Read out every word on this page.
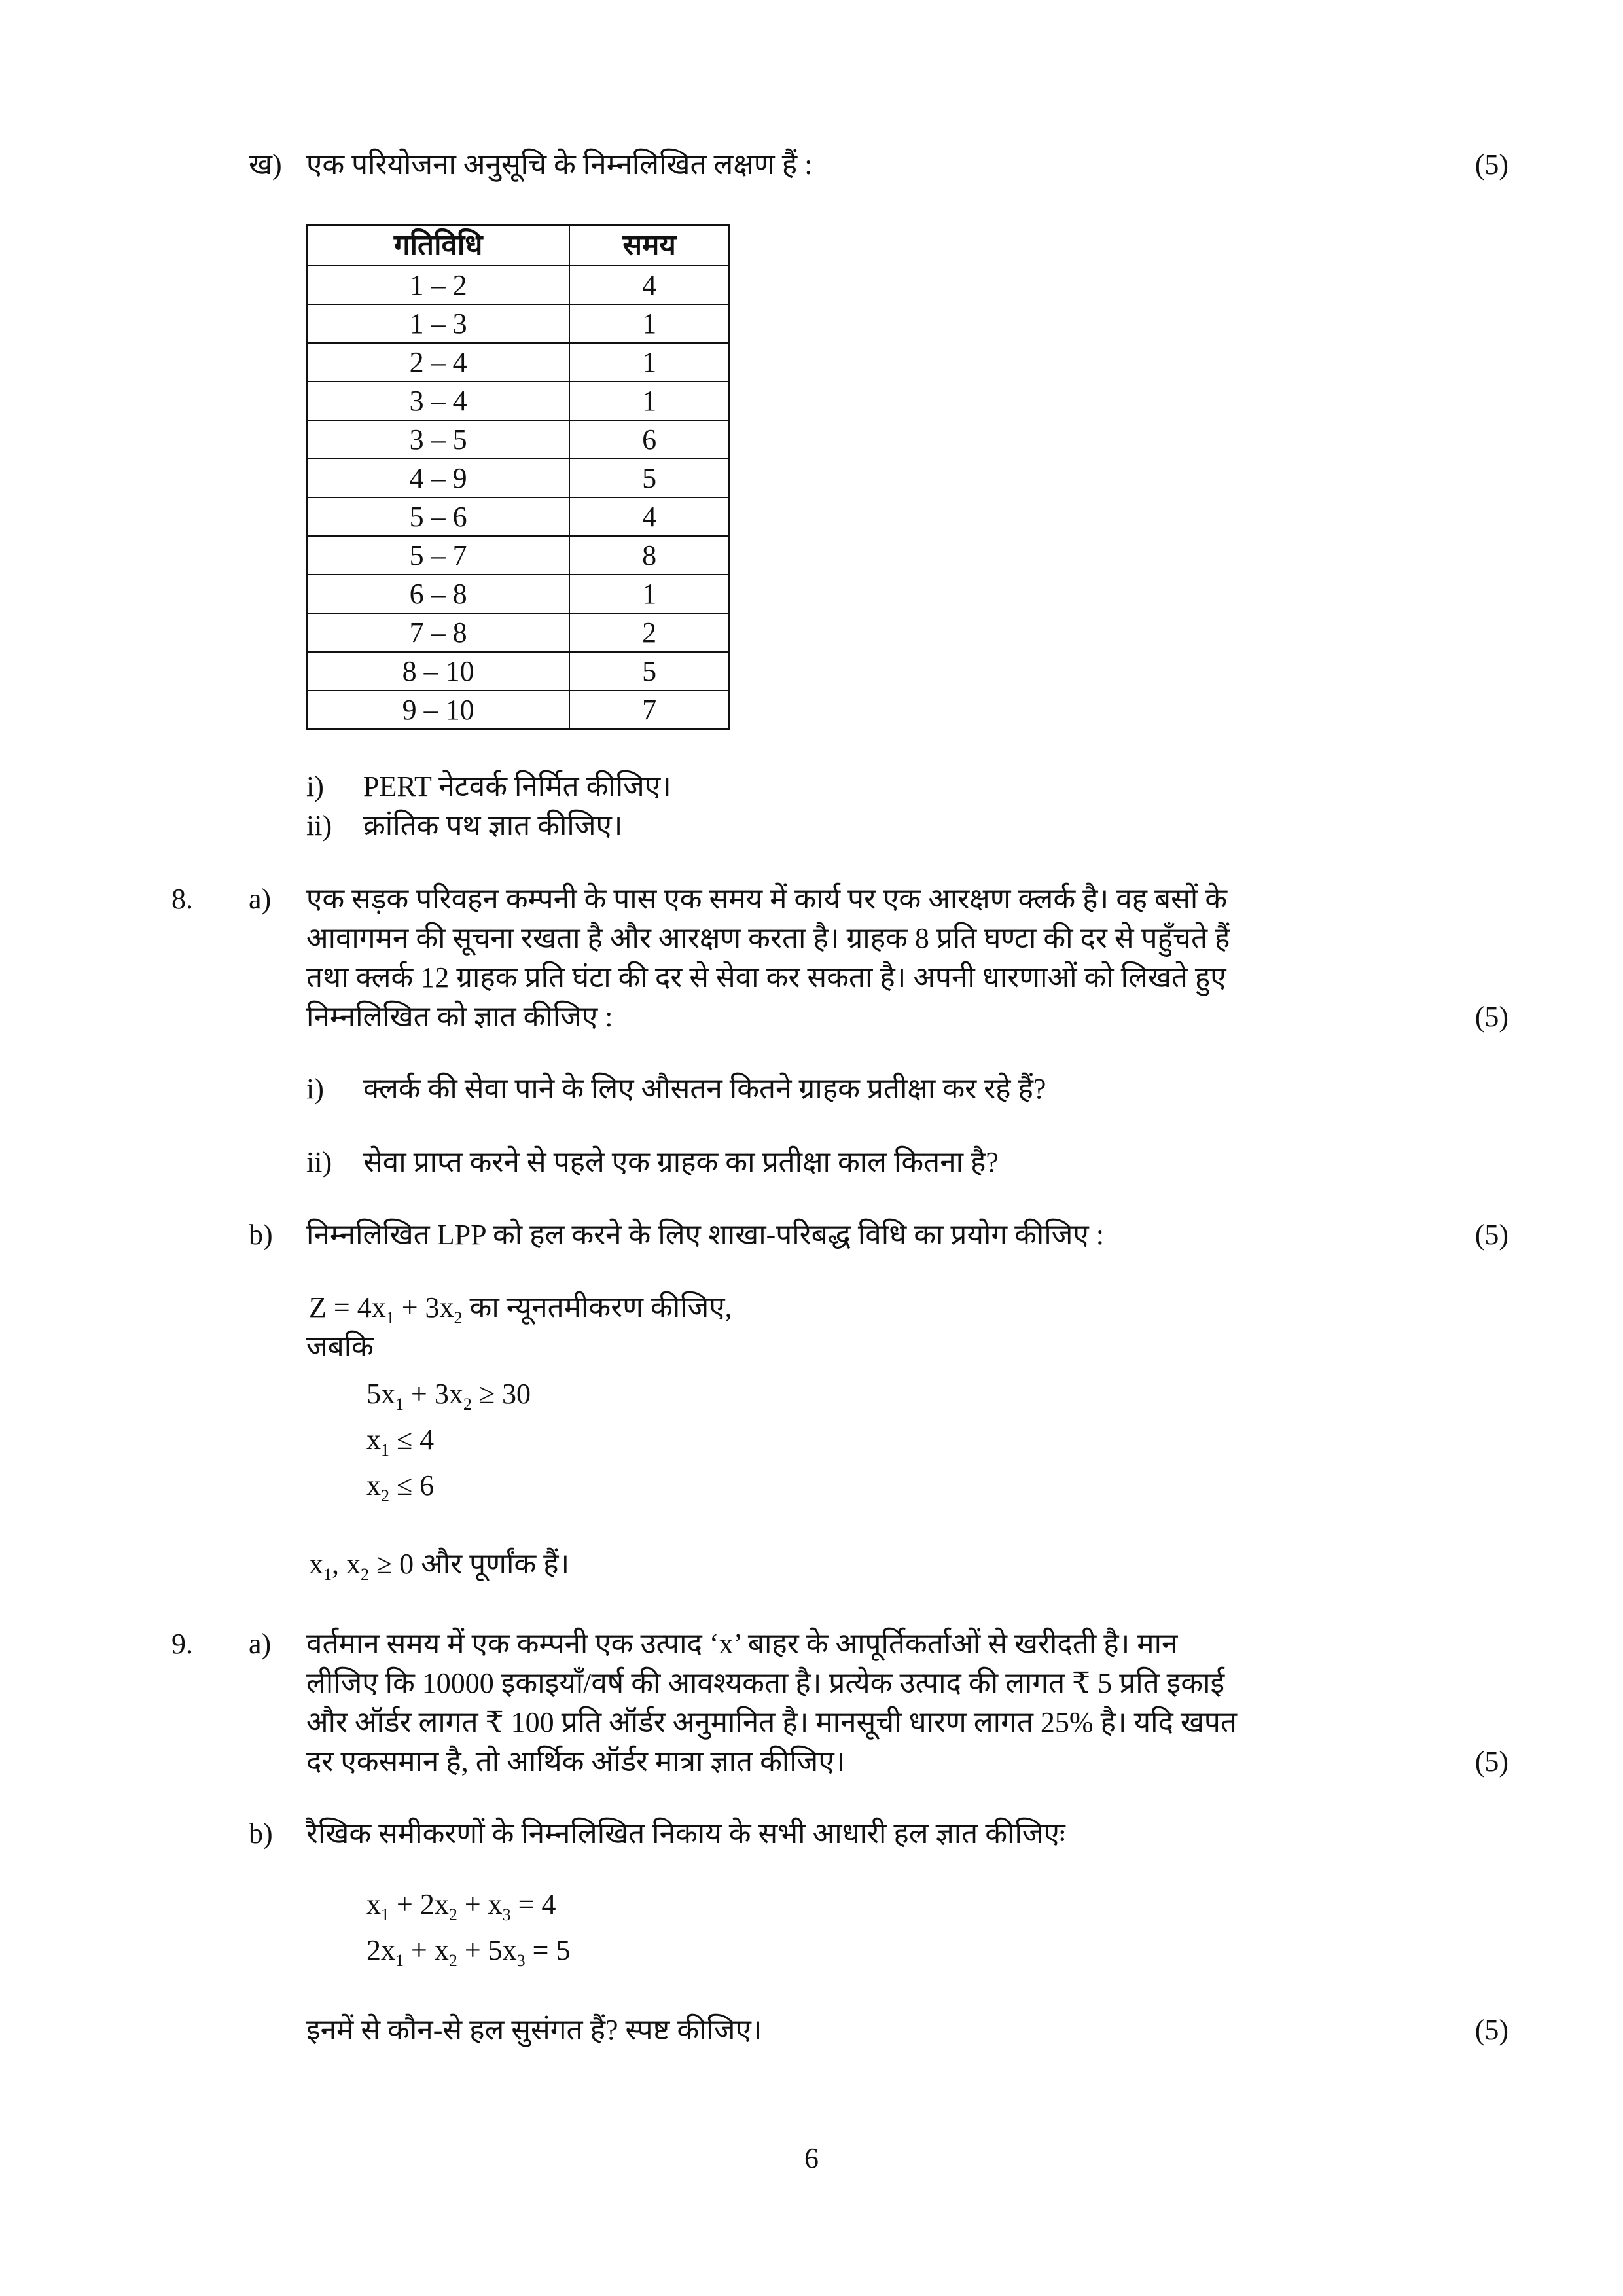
ख) एक परियोजना अनुसूचि के निम्नलिखित लक्षण हैं :	(5)
गतिविधि	समय
1 – 2	4
1 – 3	1
2 – 4	1
3 – 4	1
3 – 5	6
4 – 9	5
5 – 6	4
5 – 7	8
6 – 8	1
7 – 8	2
8 – 10	5
9 – 10	7
i) PERT नेटवर्क निर्मित कीजिए।
ii) क्रांतिक पथ ज्ञात कीजिए।
8. a) एक सड़क परिवहन कम्पनी के पास एक समय में कार्य पर एक आरक्षण क्लर्क है। वह बसों के
आवागमन की सूचना रखता है और आरक्षण करता है। ग्राहक 8 प्रति घण्टा की दर से पहुँचते हैं
तथा क्लर्क 12 ग्राहक प्रति घंटा की दर से सेवा कर सकता है। अपनी धारणाओं को लिखते हुए
निम्नलिखित को ज्ञात कीजिए :	(5)
i) क्लर्क की सेवा पाने के लिए औसतन कितने ग्राहक प्रतीक्षा कर रहे हैं?
ii) सेवा प्राप्त करने से पहले एक ग्राहक का प्रतीक्षा काल कितना है?
b) निम्नलिखित LPP को हल करने के लिए शाखा-परिबद्ध विधि का प्रयोग कीजिए :	(5)
$Z = 4x_1 + 3x_2$ का न्यूनतमीकरण कीजिए,
जबकि
$5x_1 + 3x_2 \ge 30$
$x_1 \le 4$
$x_2 \le 6$
$x_1$, $x_2 \ge 0$ और पूर्णांक हैं।
9. a) वर्तमान समय में एक कम्पनी एक उत्पाद ‘x’ बाहर के आपूर्तिकर्ताओं से खरीदती है। मान
लीजिए कि 10000 इकाइयाँ/वर्ष की आवश्यकता है। प्रत्येक उत्पाद की लागत ₹ 5 प्रति इकाई
और ऑर्डर लागत ₹ 100 प्रति ऑर्डर अनुमानित है। मानसूची धारण लागत 25% है। यदि खपत
दर एकसमान है, तो आर्थिक ऑर्डर मात्रा ज्ञात कीजिए।	(5)
b) रैखिक समीकरणों के निम्नलिखित निकाय के सभी आधारी हल ज्ञात कीजिएः
$x_1 + 2x_2 + x_3 = 4$
$2x_1 + x_2 + 5x_3 = 5$
इनमें से कौन-से हल सुसंगत हैं? स्पष्ट कीजिए।	(5)
6
